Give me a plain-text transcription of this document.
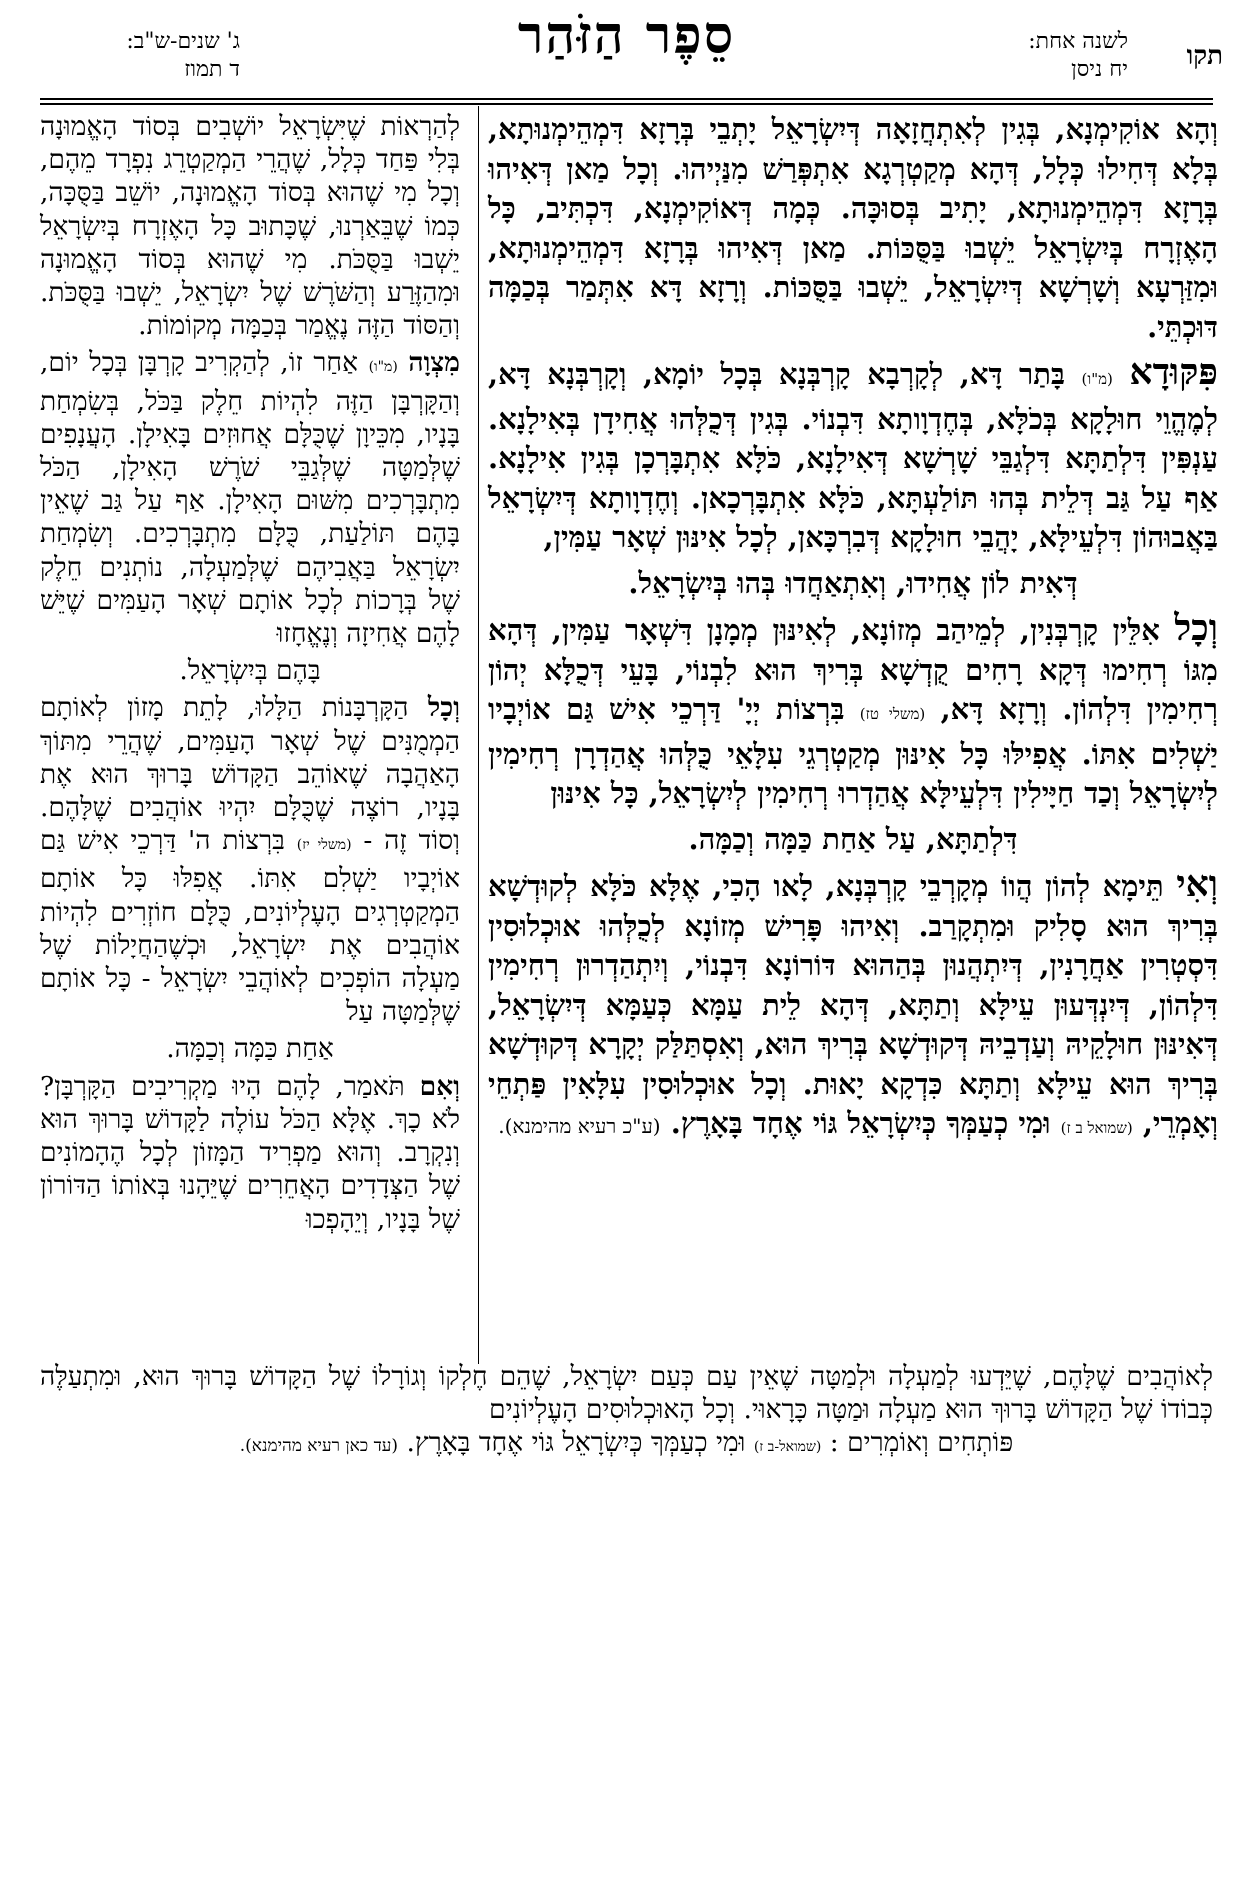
תקו
לשנה אחת:
יח ניסן
סֵפֶר הַזֹּהַר
ג' שנים-ש"ב:
ד תמוז

וְהָא אוֹקִימְנָא, בְּגִין לְאִתְחֲזָאָה דְּיִשְׂרָאֵל יָתְבֵי בְּרָזָא דִּמְהֵימְנוּתָא, בְּלָא דְּחִילוּ כְּלָל, דְּהָא מְקַטְרְגָא אִתְפְּרַשׁ מִנַּיְיהוּ. וְכָל מַאן דְּאִיהוּ בְּרָזָא דִּמְהֵימְנוּתָא, יָתִיב בְּסוּכָּה. כְּמָה דְּאוֹקִימְנָא, דִּכְתִּיב, כָּל הָאֶזְרָח בְּיִשְׂרָאֵל יֵשְׁבוּ בַּסֻּכּוֹת. מַאן דְּאִיהוּ בְּרָזָא דִּמְהֵימְנוּתָא, וּמִזַּרְעָא וְשָׁרְשָׁא דְּיִשְׂרָאֵל, יֵשְׁבוּ בַּסֻּכּוֹת. וְרָזָא דָּא אִתְּמַר בְּכַמָּה דּוּכְתֵּי.

פִּקּוּדָא (מ"ו) בָּתַר דָּא, לְקָרְבָא קָרְבְּנָא בְּכָל יוֹמָא, וְקָרְבְּנָא דָּא, לְמֶהֱוֵי חוּלָקָא בְּכֹלָּא, בְּחֶדְוָותָא דִּבְנוֹי. בְּגִין דְּכֻלְּהוּ אֲחִידָן בְּאִילָנָא. עַנְפִּין דִּלְתַתָּא דִּלְגַבֵּי שָׁרְשָׁא דְּאִילָנָא, כֹּלָּא אִתְבָּרְכָן בְּגִין אִילָנָא. אַף עַל גַּב דְּלֵית בְּהוּ תּוֹלַעְתָּא, כֹּלָּא אִתְבָּרְכָאן. וְחֶדְוָותָא דְּיִשְׂרָאֵל בַּאֲבוּהוֹן דִּלְעֵילָּא, יָהֲבֵי חוּלָקָא דְּבִרְכָּאן, לְכָל אִינּוּן שְׁאָר עַמִּין,

דְּאִית לוֹן אֲחִידוּ, וְאִתְאַחֲדוּ בְּהוּ בְּיִשְׂרָאֵל.

וְכָל אִלֵּין קָרְבְּנִין, לְמֵיהַב מְזוֹנָא, לְאִינּוּן מְמָנָן דִּשְׁאָר עַמִּין, דְּהָא מִגּוֹ רְחִימוּ דְּקָא רָחִים קֻדְשָׁא בְּרִיךְ הוּא לִבְנוֹי, בָּעֵי דְּכֻלָּא יְהוֹן רְחִימִין דִּלְהוֹן. וְרָזָא דָּא, (משלי טז) בִּרְצוֹת יְיָ' דַּרְכֵי אִישׁ גַּם אוֹיְבָיו יַשְׁלִים אִתּוֹ. אֲפִילּוּ כָּל אִינּוּן מְקַטְרְגֵי עִלָּאֵי כֻּלְּהוּ אֲהַדְרָן רְחִימִין לְיִשְׂרָאֵל וְכַד חַיָּילִין דִּלְעֵילָּא אֲהַדְרוּ רְחִימִין לְיִשְׂרָאֵל, כָּל אִינּוּן

דִּלְתַתָּא, עַל אַחַת כַּמָּה וְכַמָּה.

וְאִי תֵּימָא לְהוֹן הֲווֹ מְקָרְבֵי קָרְבְּנָא, לָאו הָכִי, אֶלָּא כֹּלָּא לְקוּדְשָׁא בְּרִיךְ הוּא סָלִיק וּמִתְקָרַב. וְאִיהוּ פָּרִישׁ מְזוֹנָא לְכֻלְּהוּ אוּכְלוּסִין דִּסְטְרִין אַחֲרָנִין, דְּיִתְהֲנוּן בְּהַהוּא דּוֹרוֹנָא דִּבְנוֹי, וְיִתְהַדְרוּן רְחִימִין דִּלְהוֹן, דְּיִנְדְּעוּן עֵילָּא וְתַתָּא, דְּהָא לֵית עַמָּא כְּעַמָּא דְּיִשְׂרָאֵל, דְּאִינּוּן חוּלָקֵיהּ וְעַדְבֵיהּ דְּקוּדְשָׁא בְּרִיךְ הוּא, וְאִסְתַּלַּק יְקָרָא דְּקוּדְשָׁא בְּרִיךְ הוּא עֵילָּא וְתַתָּא כִּדְקָא יָאוּת. וְכָל אוּכְלוּסִין עִלָּאִין פַּתְחֵי וְאָמְרֵי, (שמואל ב ז) וּמִי כְעַמְּךָ כְּיִשְׂרָאֵל גּוֹי אֶחָד בָּאָרֶץ. (ע"כ רעיא מהימנא).

לְהַרְאוֹת שֶׁיִּשְׂרָאֵל יוֹשְׁבִים בְּסוֹד הָאֱמוּנָה בְּלִי פַּחַד כְּלָל, שֶׁהֲרֵי הַמְקַטְרֵג נִפְרָד מֵהֶם, וְכָל מִי שֶׁהוּא בְּסוֹד הָאֱמוּנָה, יוֹשֵׁב בַּסֻּכָּה, כְּמוֹ שֶׁבֵּאַרְנוּ, שֶׁכָּתוּב כָּל הָאֶזְרָח בְּיִשְׂרָאֵל יֵשְׁבוּ בַּסֻּכֹּת. מִי שֶׁהוּא בְּסוֹד הָאֱמוּנָה וּמִהַזֶּרַע וְהַשֹּׁרֶשׁ שֶׁל יִשְׂרָאֵל, יֵשְׁבוּ בַּסֻּכֹּת. וְהַסּוֹד הַזֶּה נֶאֱמַר בְּכַמָּה מְקוֹמוֹת.

מִצְוָה (מ"ו) אַחַר זוֹ, לְהַקְרִיב קָרְבָּן בְּכָל יוֹם, וְהַקָּרְבָּן הַזֶּה לִהְיוֹת חֵלֶק בַּכֹּל, בְּשִׂמְחַת בָּנָיו, מִכֵּיוָן שֶׁכֻּלָּם אֲחוּזִים בָּאִילָן. הָעֲנָפִים שֶׁלְּמַטָּה שֶׁלְּגַבֵּי שֹׁרֶשׁ הָאִילָן, הַכֹּל מִתְבָּרְכִים מִשּׁוּם הָאִילָן. אַף עַל גַּב שֶׁאֵין בָּהֶם תּוֹלַעַת, כֻּלָּם מִתְבָּרְכִים. וְשִׂמְחַת יִשְׂרָאֵל בַּאֲבִיהֶם שֶׁלְּמַעְלָה, נוֹתְנִים חֵלֶק שֶׁל בְּרָכוֹת לְכָל אוֹתָם שְׁאָר הָעַמִּים שֶׁיֵּשׁ לָהֶם אֲחִיזָה וְנֶאֱחָזוּ

בָּהֶם בְּיִשְׂרָאֵל.

וְכָל הַקָּרְבָּנוֹת הַלָּלוּ, לָתֵת מָזוֹן לְאוֹתָם הַמְמֻנִּים שֶׁל שְׁאָר הָעַמִּים, שֶׁהֲרֵי מִתּוֹךְ הָאַהֲבָה שֶׁאוֹהֵב הַקָּדוֹשׁ בָּרוּךְ הוּא אֶת בָּנָיו, רוֹצֶה שֶׁכֻּלָּם יִהְיוּ אוֹהֲבִים שֶׁלָּהֶם. וְסוֹד זֶה - (משלי יז) בִּרְצוֹת ה' דַּרְכֵי אִישׁ גַּם אוֹיְבָיו יַשְׁלִם אִתּוֹ. אֲפִלּוּ כָּל אוֹתָם הַמְקַטְרְגִים הָעֶלְיוֹנִים, כֻּלָּם חוֹזְרִים לִהְיוֹת אוֹהֲבִים אֶת יִשְׂרָאֵל, וּכְשֶׁהַחֲיָלוֹת שֶׁל מַעְלָה הוֹפְכִים לְאוֹהֲבֵי יִשְׂרָאֵל - כָּל אוֹתָם שֶׁלְּמַטָּה עַל

אַחַת כַּמָּה וְכַמָּה.

וְאִם תֹּאמַר, לָהֶם הָיוּ מַקְרִיבִים הַקָּרְבָּן? לֹא כָךְ. אֶלָּא הַכֹּל עוֹלֶה לַקָּדוֹשׁ בָּרוּךְ הוּא וְנִקְרָב. וְהוּא מַפְרִיד הַמָּזוֹן לְכָל הֶהָמוֹנִים שֶׁל הַצְּדָדִים הָאֲחֵרִים שֶׁיֵּהָנוּ בְּאוֹתוֹ הַדּוֹרוֹן שֶׁל בָּנָיו, וְיֵהָפְכוּ

לְאוֹהֲבִים שֶׁלָּהֶם, שֶׁיֵּדְעוּ לְמַעְלָה וּלְמַטָּה שֶׁאֵין עַם כְּעַם יִשְׂרָאֵל, שֶׁהֵם חֶלְקוֹ וְגוֹרָלוֹ שֶׁל הַקָּדוֹשׁ בָּרוּךְ הוּא, וּמִתְעַלֶּה כְּבוֹדוֹ שֶׁל הַקָּדוֹשׁ בָּרוּךְ הוּא מַעְלָה וּמַטָּה כָּרָאוּי. וְכָל הָאוּכְלוּסִים הָעֶלְיוֹנִים

פּוֹתְחִים וְאוֹמְרִים : (שמואל-ב ז) וּמִי כְעַמְּךָ כְּיִשְׂרָאֵל גּוֹי אֶחָד בָּאָרֶץ. (עד כאן רעיא מהימנא).
